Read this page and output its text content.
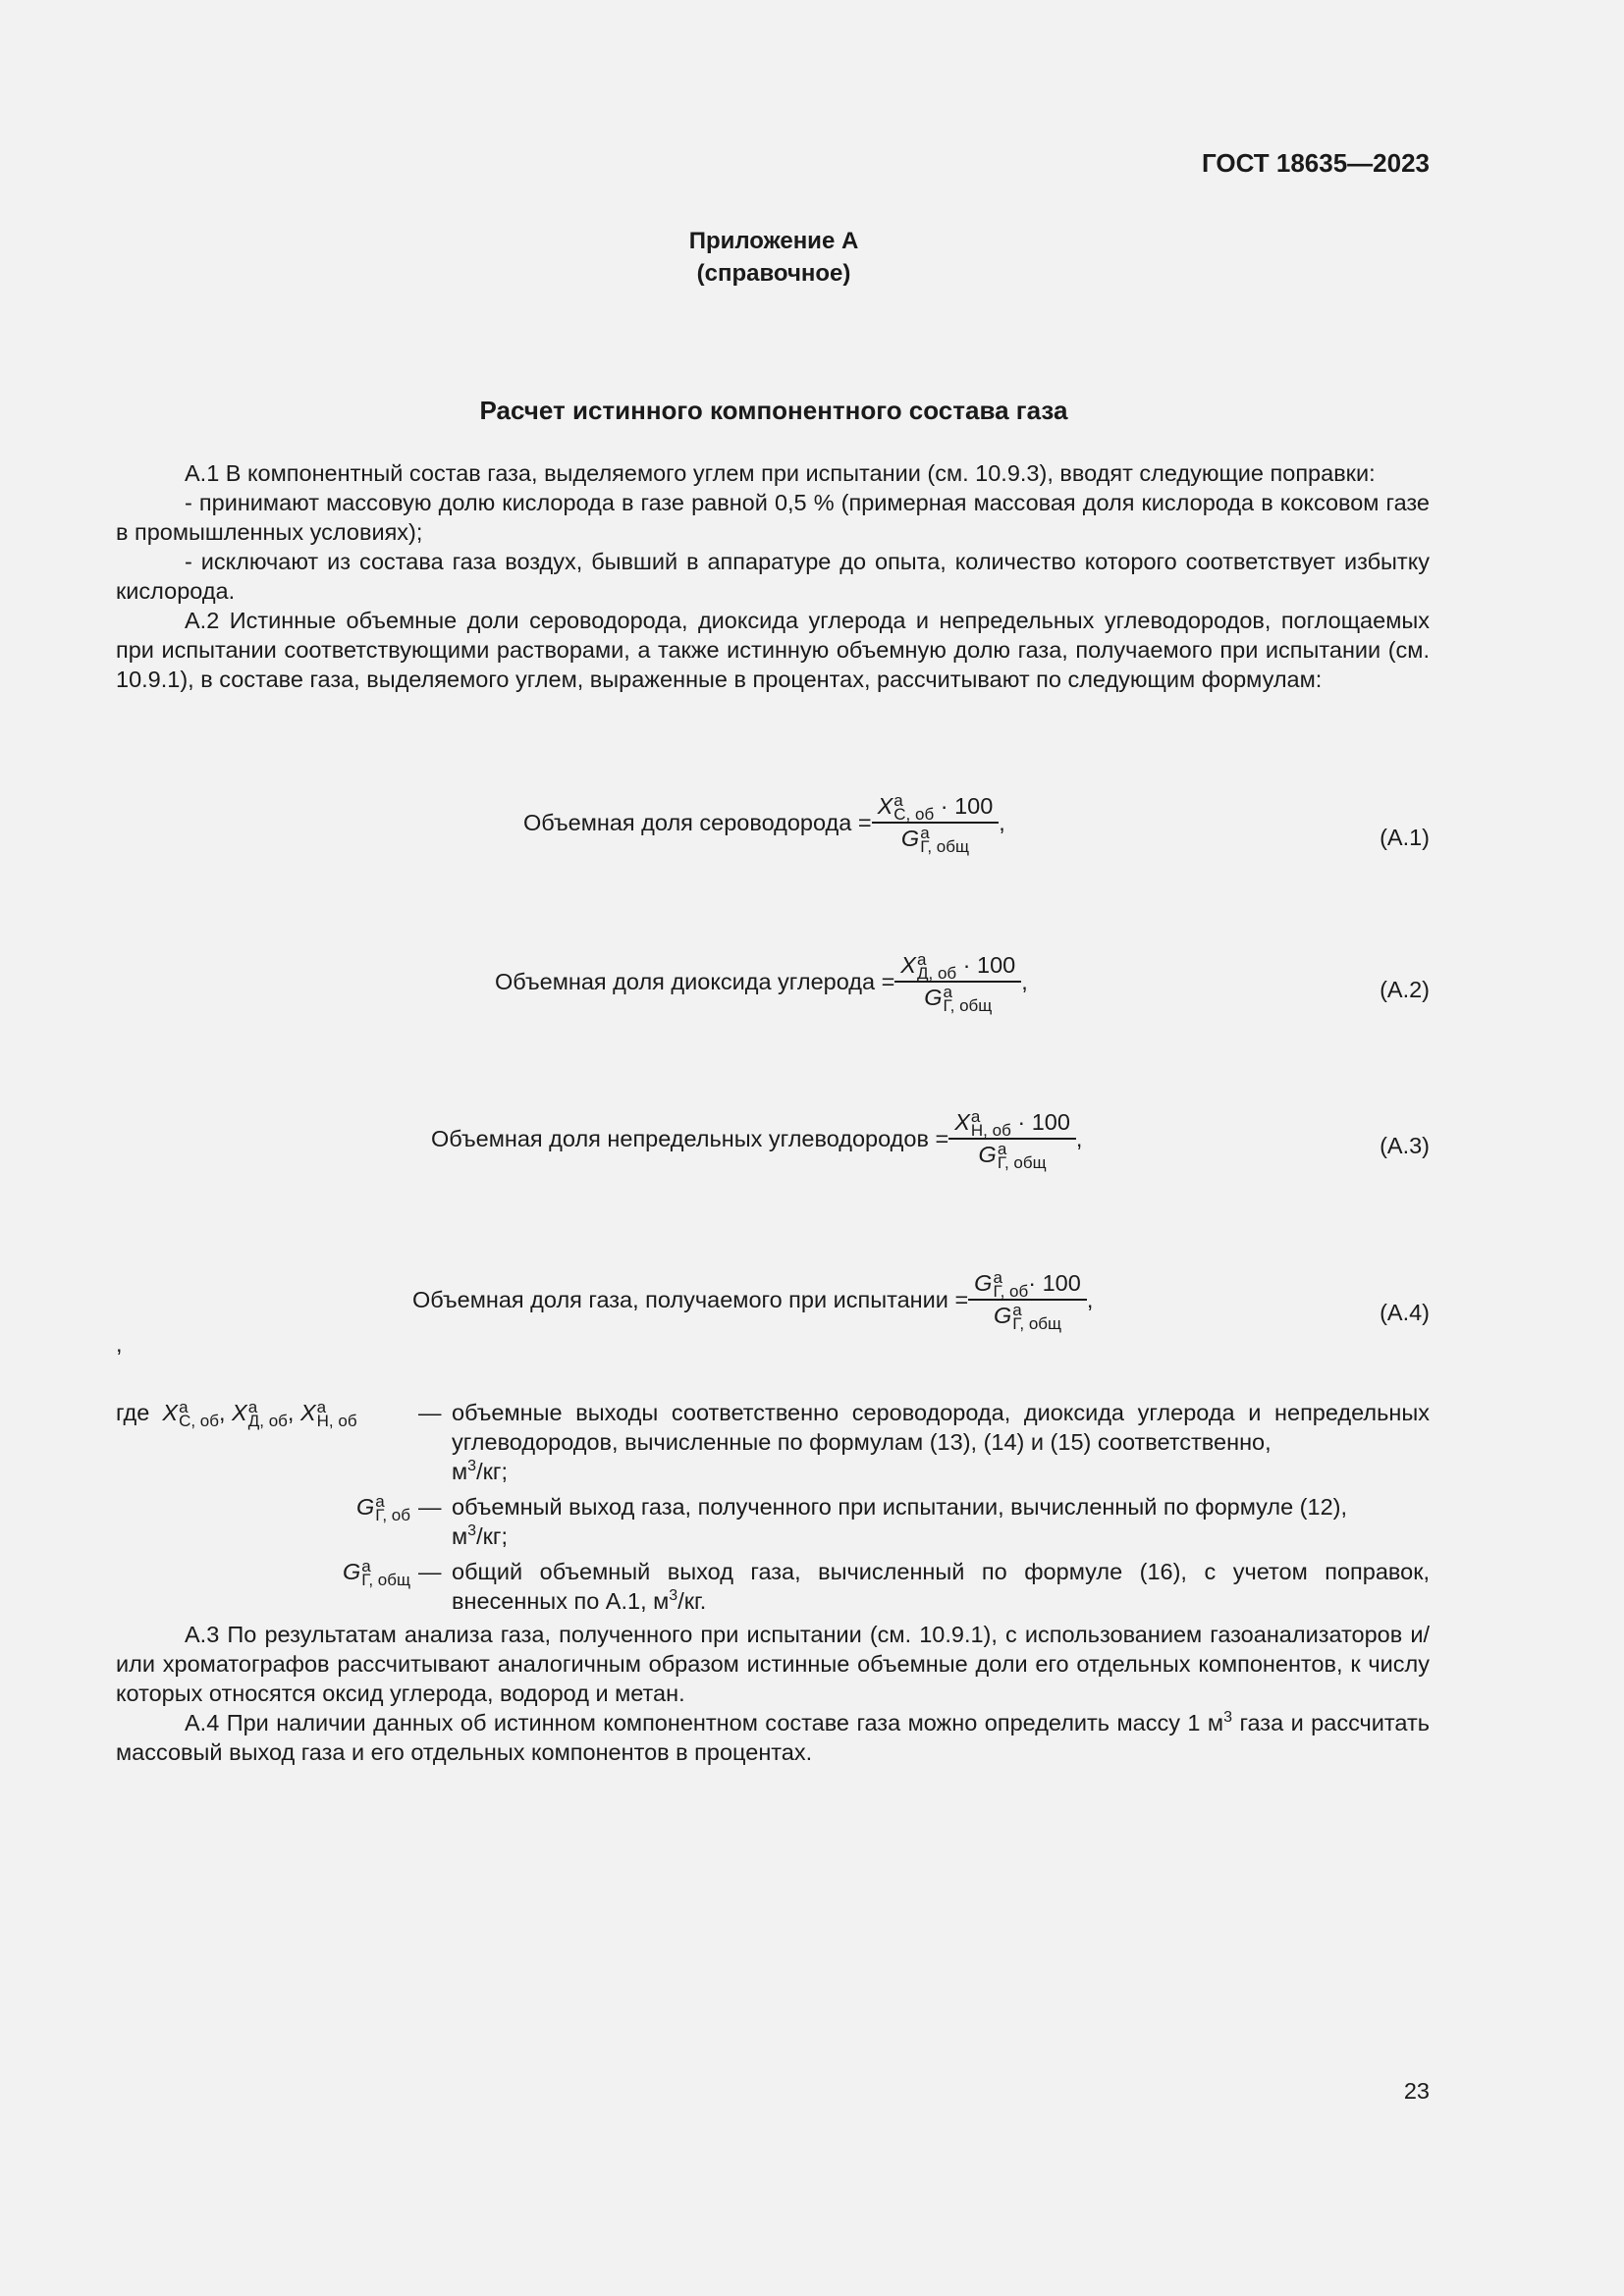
ГОСТ 18635—2023
Приложение А
(справочное)
Расчет истинного компонентного состава газа

А.1 В компонентный состав газа, выделяемого углем при испытании (см. 10.9.3), вводят следующие поправки:

- принимают массовую долю кислорода в газе равной 0,5 % (примерная массовая доля кислорода в коксовом газе в промышленных условиях);

- исключают из состава газа воздух, бывший в аппаратуре до опыта, количество которого соответствует избытку кислорода.

А.2 Истинные объемные доли сероводорода, диоксида углерода и непредельных углеводородов, поглощаемых при испытании соответствующими растворами, а также истинную объемную долю газа, получаемого при испытании (см. 10.9.1), в составе газа, выделяемого углем, выраженные в процентах, рассчитывают по следующим формулам:

Объемная доля сероводорода = X а
С, об · 100
G а
Г, общ ,
(А.1)
Объемная доля диоксида углерода = X а
Д, об · 100
G а
Г, общ ,	(А.2)
Объемная доля непредельных углеводородов = X а
Н, об · 100
G а
Г, общ ,	(А.3)
Объемная доля газа, получаемого при испытании = G а
Г, об · 100
G а
Г, общ ,	(А.4)
,
где X а
С, об , X а
Д, об , X а
Н, об	— объемные выходы соответственно сероводорода, диоксида углерода и непредельных углеводородов, вычисленные по формулам (13), (14) и (15) соответственно,
$м^3/кг$;
G а
Г, об — объемный выход газа, полученного при испытании, вычисленный по формуле (12),
$м^3/кг$;
G а
Г, общ — общий объемный выход газа, вычисленный по формуле (16), с учетом поправок, внесенных по А.1, $м^3/кг$.

А.3 По результатам анализа газа, полученного при испытании (см. 10.9.1), с использованием газоанализаторов и/или хроматографов рассчитывают аналогичным образом истинные объемные доли его отдельных компонентов, к числу которых относятся оксид углерода, водород и метан.

А.4 При наличии данных об истинном компонентном составе газа можно определить массу 1 $м^3$ газа и рассчитать массовый выход газа и его отдельных компонентов в процентах.

23
